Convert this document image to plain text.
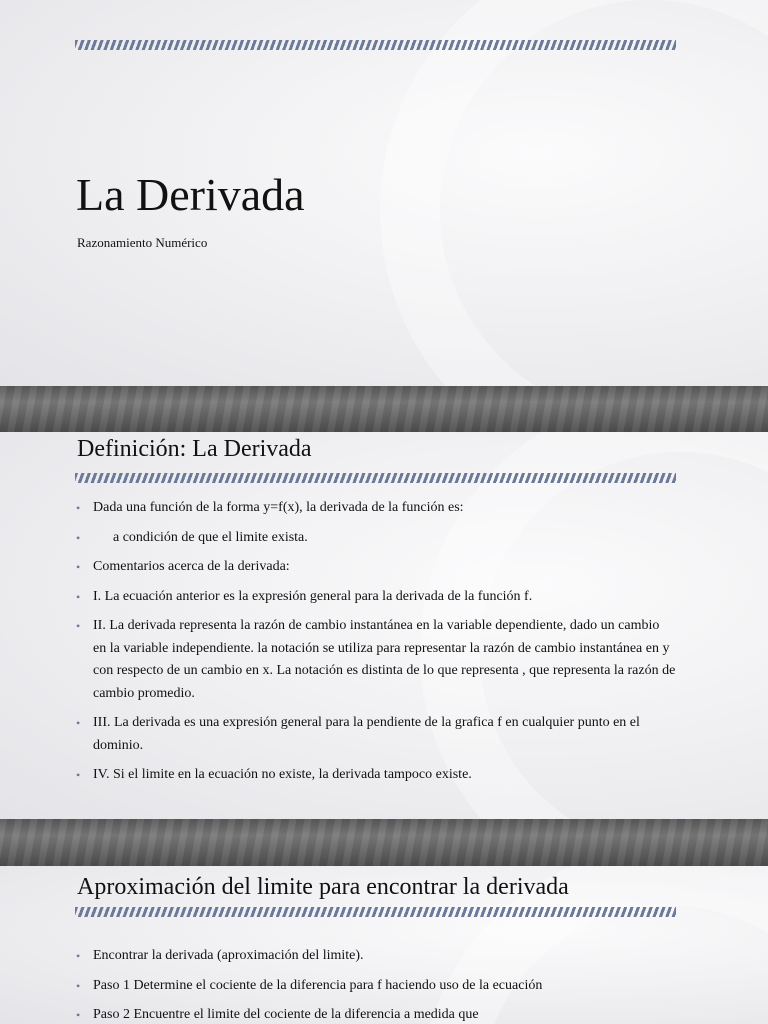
La Derivada
Razonamiento Numérico
Definición: La Derivada
• Dada una función de la forma y=f(x), la derivada de la función es:
• a condición de que el limite exista.
• Comentarios acerca de la derivada:
• I. La ecuación anterior es la expresión general para la derivada de la función f.
• II. La derivada representa la razón de cambio instantánea en la variable dependiente, dado un cambio en la variable independiente. la notación se utiliza para representar la razón de cambio instantánea en y con respecto de un cambio en x. La notación es distinta de lo que representa , que representa la razón de cambio promedio.
• III. La derivada es una expresión general para la pendiente de la grafica f en cualquier punto en el dominio.
• IV. Si el limite en la ecuación no existe, la derivada tampoco existe.
Aproximación del limite para encontrar la derivada
• Encontrar la derivada (aproximación del limite).
• Paso 1 Determine el cociente de la diferencia para f haciendo uso de la ecuación
• Paso 2 Encuentre el limite del cociente de la diferencia a medida que
